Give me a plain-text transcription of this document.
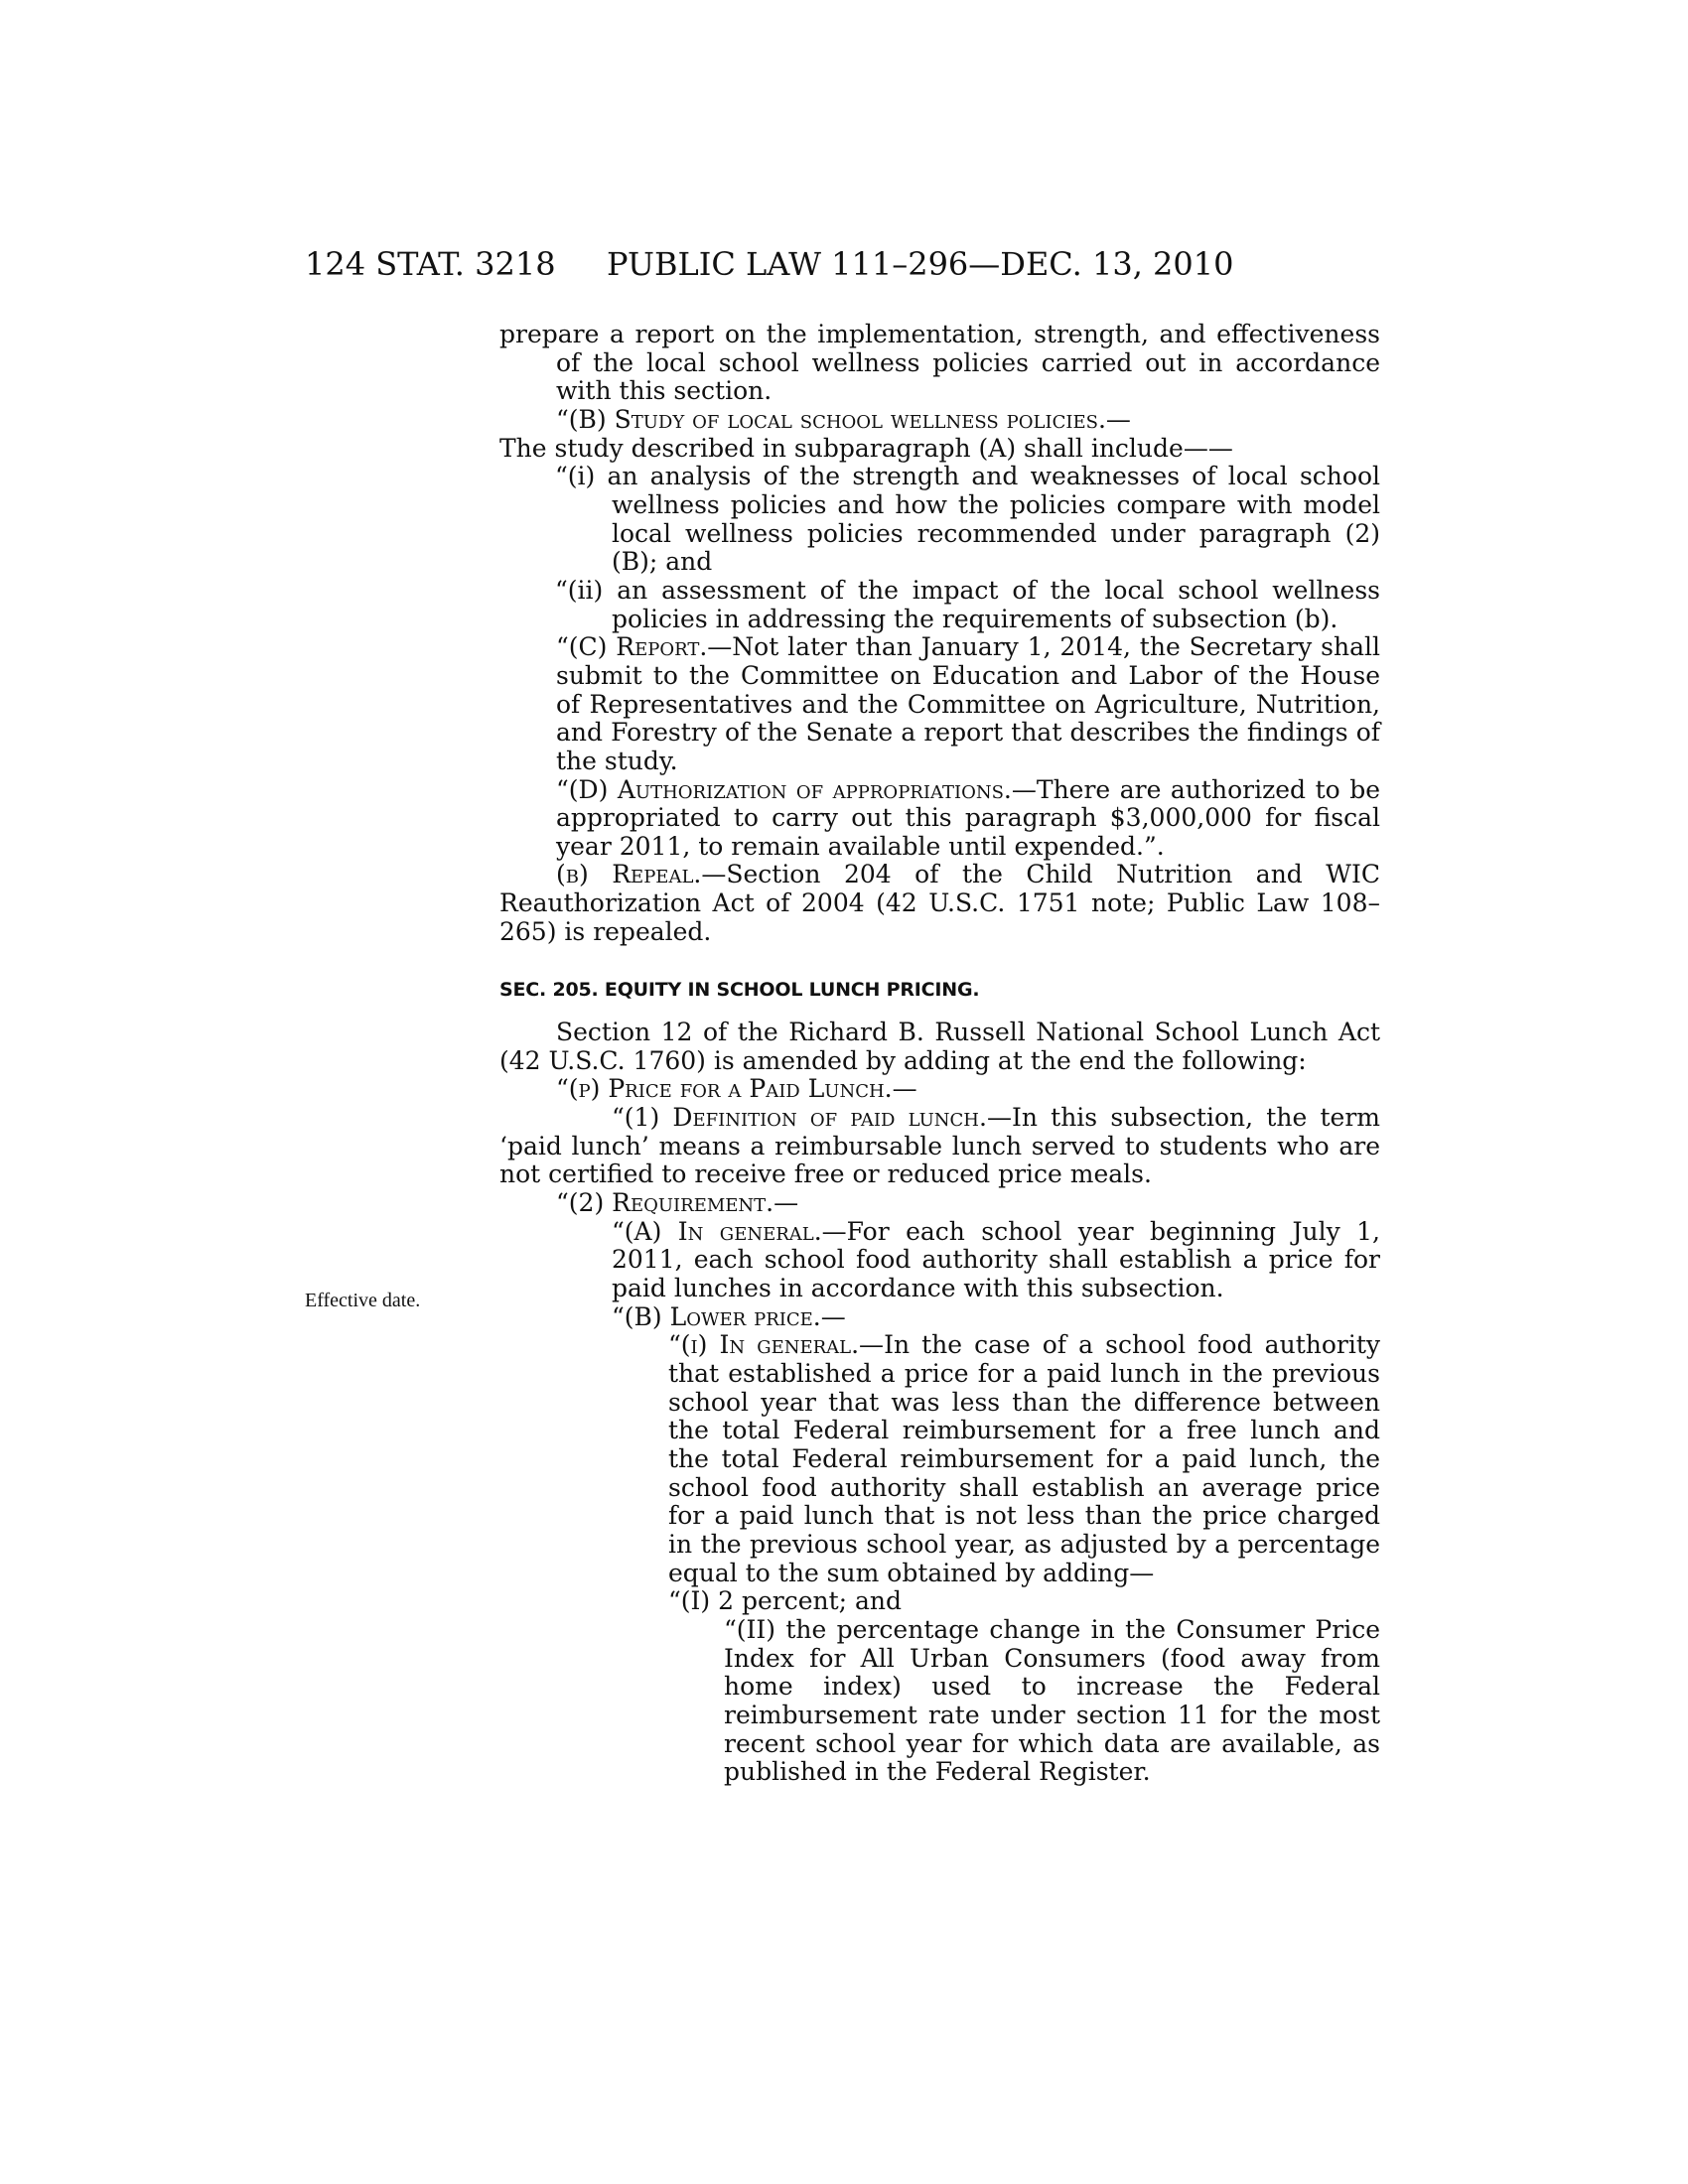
124 STAT. 3218 PUBLIC LAW 111–296—DEC. 13, 2010
Effective date.

prepare a report on the implementation, strength, and effectiveness of the local school wellness policies carried out in accordance with this section.

“(B) Study of local school wellness policies.—
The study described in subparagraph (A) shall include——

“(i) an analysis of the strength and weaknesses of local school wellness policies and how the policies compare with model local wellness policies recommended under paragraph (2)(B); and

“(ii) an assessment of the impact of the local school wellness policies in addressing the requirements of subsection (b).

“(C) Report.—Not later than January 1, 2014, the Secretary shall submit to the Committee on Education and Labor of the House of Representatives and the Committee on Agriculture, Nutrition, and Forestry of the Senate a report that describes the findings of the study.

“(D) Authorization of appropriations.—There are authorized to be appropriated to carry out this paragraph $3,000,000 for fiscal year 2011, to remain available until expended.”.

(b) Repeal.—Section 204 of the Child Nutrition and WIC Reauthorization Act of 2004 (42 U.S.C. 1751 note; Public Law 108–265) is repealed.

SEC. 205. EQUITY IN SCHOOL LUNCH PRICING.

Section 12 of the Richard B. Russell National School Lunch Act (42 U.S.C. 1760) is amended by adding at the end the following:

“(p) Price for a Paid Lunch.—

“(1) Definition of paid lunch.—In this subsection, the term ‘paid lunch’ means a reimbursable lunch served to students who are not certified to receive free or reduced price meals.

“(2) Requirement.—

“(A) In general.—For each school year beginning July 1, 2011, each school food authority shall establish a price for paid lunches in accordance with this subsection.

“(B) Lower price.—

“(i) In general.—In the case of a school food authority that established a price for a paid lunch in the previous school year that was less than the difference between the total Federal reimbursement for a free lunch and the total Federal reimbursement for a paid lunch, the school food authority shall establish an average price for a paid lunch that is not less than the price charged in the previous school year, as adjusted by a percentage equal to the sum obtained by adding—

“(I) 2 percent; and

“(II) the percentage change in the Consumer Price Index for All Urban Consumers (food away from home index) used to increase the Federal reimbursement rate under section 11 for the most recent school year for which data are available, as published in the Federal Register.
